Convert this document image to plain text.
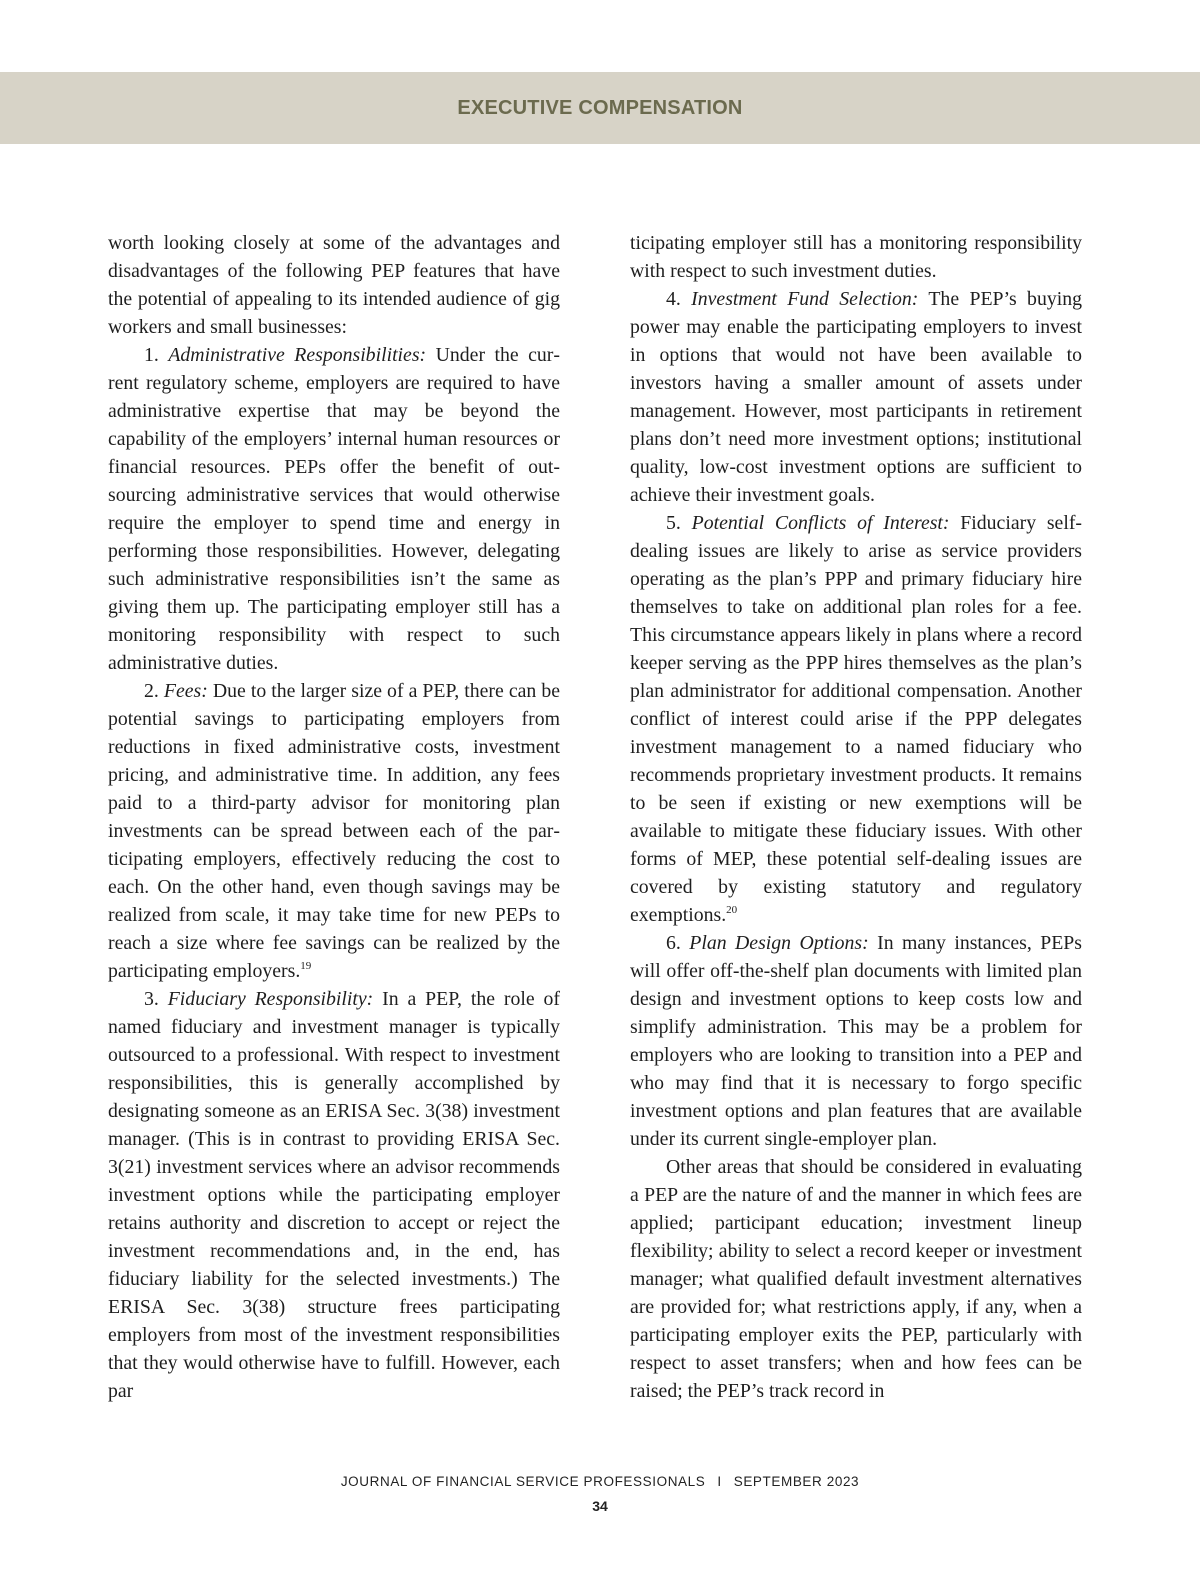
EXECUTIVE COMPENSATION

worth looking closely at some of the advantages and disadvantages of the following PEP features that have the potential of appealing to its intended audience of gig workers and small businesses:

1. Administrative Responsibilities: Under the current regulatory scheme, employers are required to have administrative expertise that may be beyond the capability of the employers’ internal human resources or financial resources. PEPs offer the benefit of outsourcing administrative services that would otherwise require the employer to spend time and energy in performing those responsibilities. However, delegating such administrative responsibilities isn’t the same as giving them up. The participating employer still has a monitoring responsibility with respect to such administrative duties.

2. Fees: Due to the larger size of a PEP, there can be potential savings to participating employers from reductions in fixed administrative costs, investment pricing, and administrative time. In addition, any fees paid to a third-party advisor for monitoring plan investments can be spread between each of the participating employers, effectively reducing the cost to each. On the other hand, even though savings may be realized from scale, it may take time for new PEPs to reach a size where fee savings can be realized by the participating employers.$^{19}$

3. Fiduciary Responsibility: In a PEP, the role of named fiduciary and investment manager is typically outsourced to a professional. With respect to investment responsibilities, this is generally accomplished by designating someone as an ERISA Sec. 3(38) investment manager. (This is in contrast to providing ERISA Sec. 3(21) investment services where an advisor recommends investment options while the participating employer retains authority and discretion to accept or reject the investment recommendations and, in the end, has fiduciary liability for the selected investments.) The ERISA Sec. 3(38) structure frees participating employers from most of the investment responsibilities that they would otherwise have to fulfill. However, each par

ticipating employer still has a monitoring responsibility with respect to such investment duties.

4. Investment Fund Selection: The PEP’s buying power may enable the participating employers to invest in options that would not have been available to investors having a smaller amount of assets under management. However, most participants in retirement plans don’t need more investment options; institutional quality, low-cost investment options are sufficient to achieve their investment goals.

5. Potential Conflicts of Interest: Fiduciary self-dealing issues are likely to arise as service providers operating as the plan’s PPP and primary fiduciary hire themselves to take on additional plan roles for a fee. This circumstance appears likely in plans where a record keeper serving as the PPP hires themselves as the plan’s plan administrator for additional compensation. Another conflict of interest could arise if the PPP delegates investment management to a named fiduciary who recommends proprietary investment products. It remains to be seen if existing or new exemptions will be available to mitigate these fiduciary issues. With other forms of MEP, these potential self-dealing issues are covered by existing statutory and regulatory exemptions.$^{20}$

6. Plan Design Options: In many instances, PEPs will offer off-the-shelf plan documents with limited plan design and investment options to keep costs low and simplify administration. This may be a problem for employers who are looking to transition into a PEP and who may find that it is necessary to forgo specific investment options and plan features that are available under its current single-employer plan.

Other areas that should be considered in evaluating a PEP are the nature of and the manner in which fees are applied; participant education; investment lineup flexibility; ability to select a record keeper or investment manager; what qualified default investment alternatives are provided for; what restrictions apply, if any, when a participating employer exits the PEP, particularly with respect to asset transfers; when and how fees can be raised; the PEP’s track record in

JOURNAL OF FINANCIAL SERVICE PROFESSIONALS I SEPTEMBER 2023
34
